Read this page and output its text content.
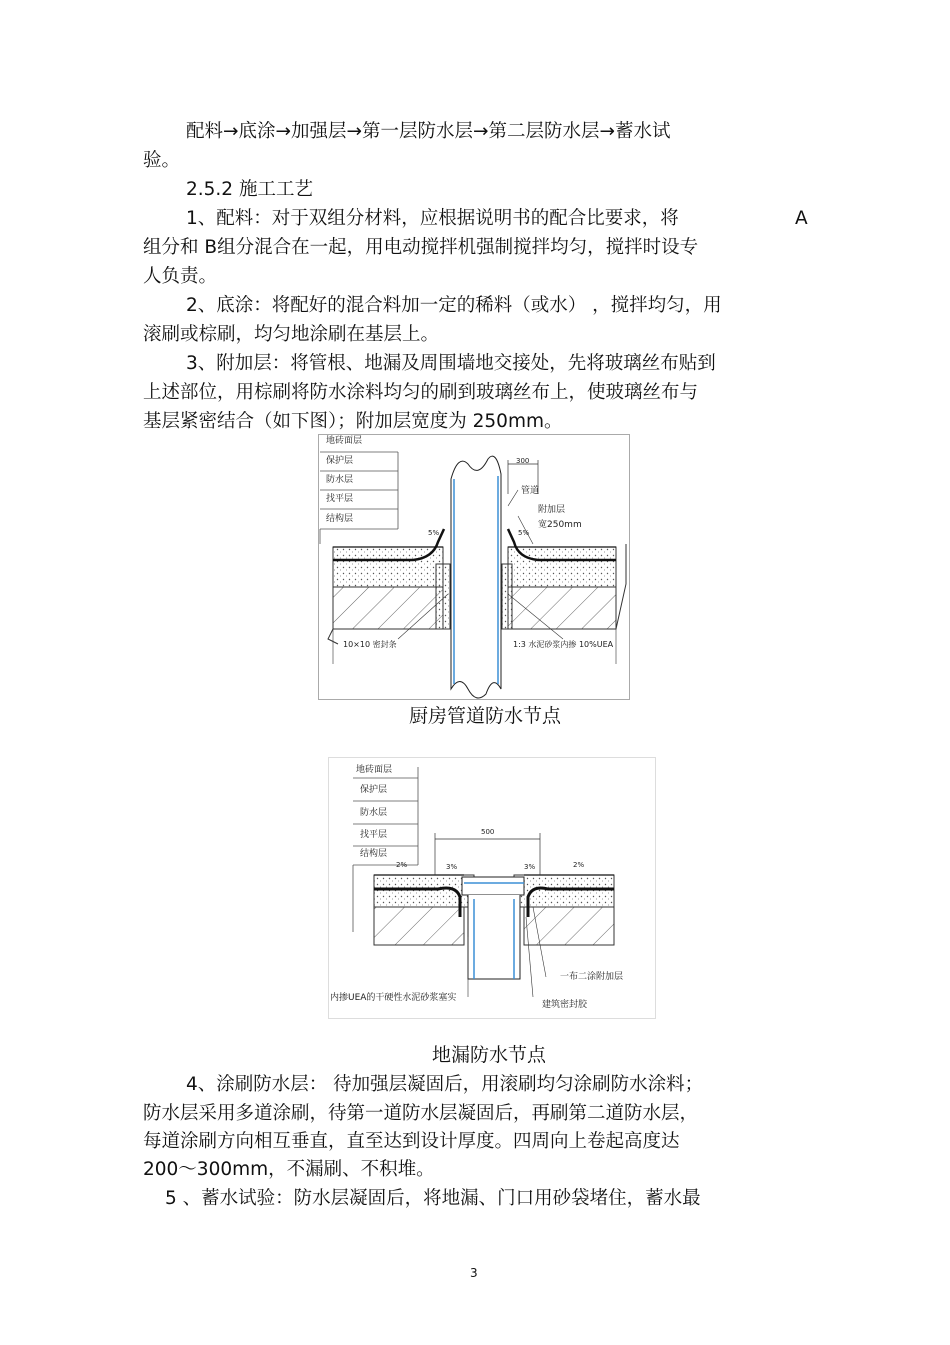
配料→底涂→加强层→第一层防水层→第二层防水层→蓄水试
验。
2.5.2 施工工艺
1、配料：对于双组分材料，应根据说明书的配合比要求，将	A
组分和 B组分混合在一起，用电动搅拌机强制搅拌均匀，搅拌时设专
人负责。
2、底涂：将配好的混合料加一定的稀料（或水） ，搅拌均匀，用
滚刷或棕刷，均匀地涂刷在基层上。
3、附加层：将管根、地漏及周围墙地交接处，先将玻璃丝布贴到
上述部位，用棕刷将防水涂料均匀的刷到玻璃丝布上，使玻璃丝布与
基层紧密结合（如下图）；附加层宽度为 250mm。
地砖面层
保护层
防水层
找平层
结构层
300
管道
附加层
宽250mm
5%	5%
10×10 密封条	1:3 水泥砂浆内掺 10%UEA
厨房管道防水节点
地砖面层
保护层
防水层
找平层
结构层
500
2%	3%	3%	2%
一布二涂附加层
建筑密封胶
内掺UEA的干硬性水泥砂浆塞实
地漏防水节点
4、涂刷防水层： 待加强层凝固后，用滚刷均匀涂刷防水涂料；
防水层采用多道涂刷，待第一道防水层凝固后，再刷第二道防水层，
每道涂刷方向相互垂直，直至达到设计厚度。四周向上卷起高度达
200～300mm，不漏刷、不积堆。
5 、蓄水试验：防水层凝固后，将地漏、门口用砂袋堵住，蓄水最
3
